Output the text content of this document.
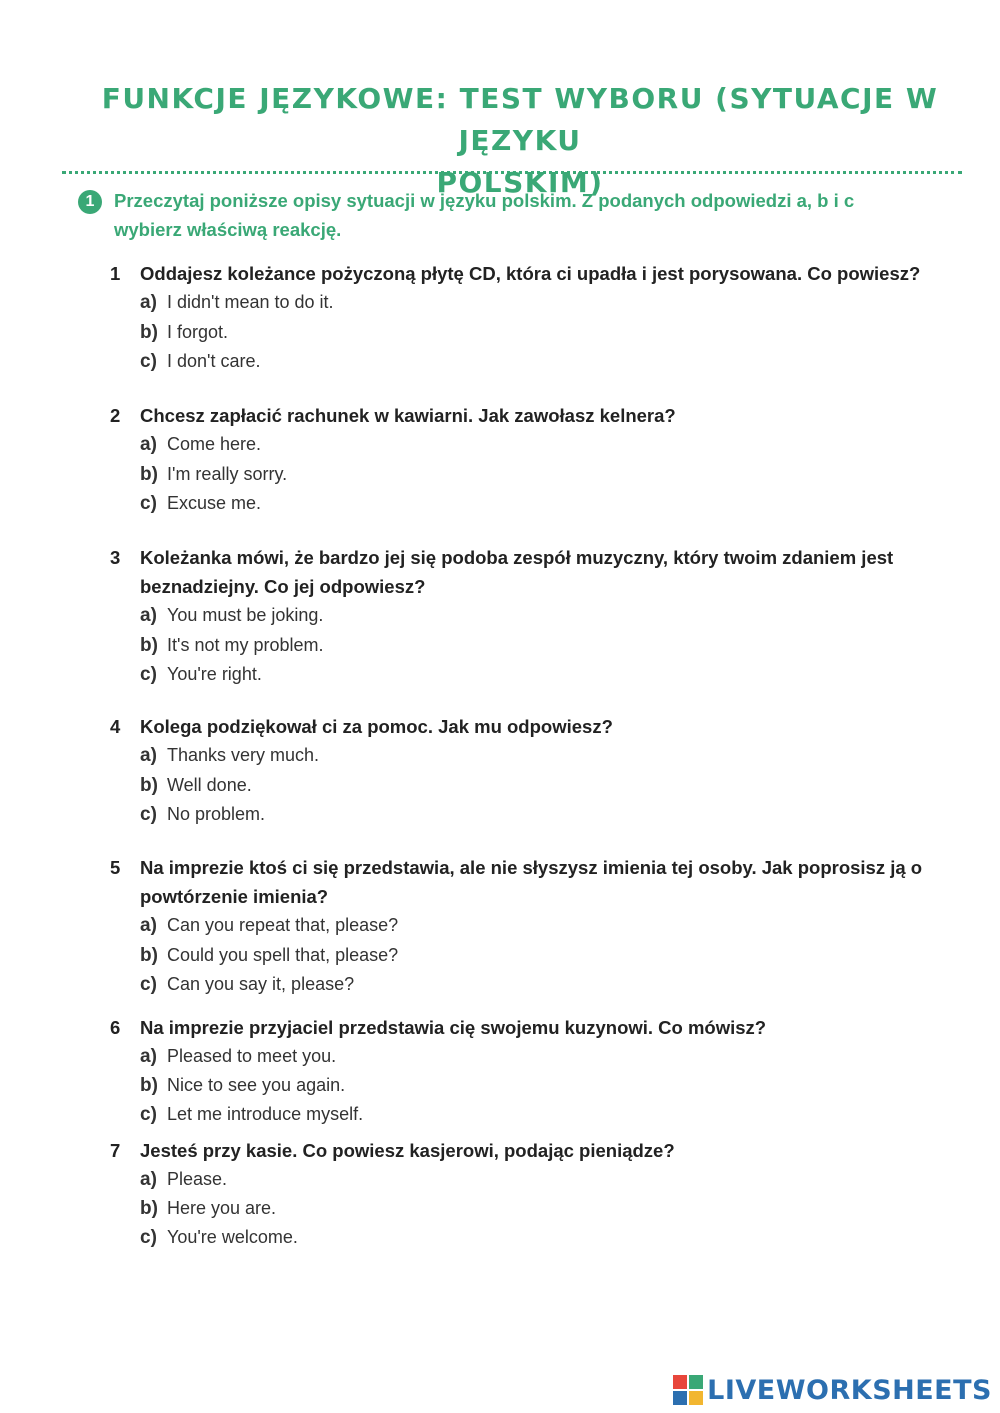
FUNKCJE JĘZYKOWE: TEST WYBORU (SYTUACJE W JĘZYKU
POLSKIM)
1	Przeczytaj poniższe opisy sytuacji w języku polskim. Z podanych odpowiedzi a, b i c wybierz właściwą reakcję.
1	Oddajesz koleżance pożyczoną płytę CD, która ci upadła i jest porysowana. Co powiesz?
a) I didn't mean to do it.
b) I forgot.
c) I don't care.
2	Chcesz zapłacić rachunek w kawiarni. Jak zawołasz kelnera?
a) Come here.
b) I'm really sorry.
c) Excuse me.
3	Koleżanka mówi, że bardzo jej się podoba zespół muzyczny, który twoim zdaniem jest beznadziejny. Co jej odpowiesz?
a) You must be joking.
b) It's not my problem.
c) You're right.
4	Kolega podziękował ci za pomoc. Jak mu odpowiesz?
a) Thanks very much.
b) Well done.
c) No problem.
5	Na imprezie ktoś ci się przedstawia, ale nie słyszysz imienia tej osoby. Jak poprosisz ją o powtórzenie imienia?
a) Can you repeat that, please?
b) Could you spell that, please?
c) Can you say it, please?
6	Na imprezie przyjaciel przedstawia cię swojemu kuzynowi. Co mówisz?
a) Pleased to meet you.
b) Nice to see you again.
c) Let me introduce myself.
7	Jesteś przy kasie. Co powiesz kasjerowi, podając pieniądze?
a) Please.
b) Here you are.
c) You're welcome.
LIVEWORKSHEETS
